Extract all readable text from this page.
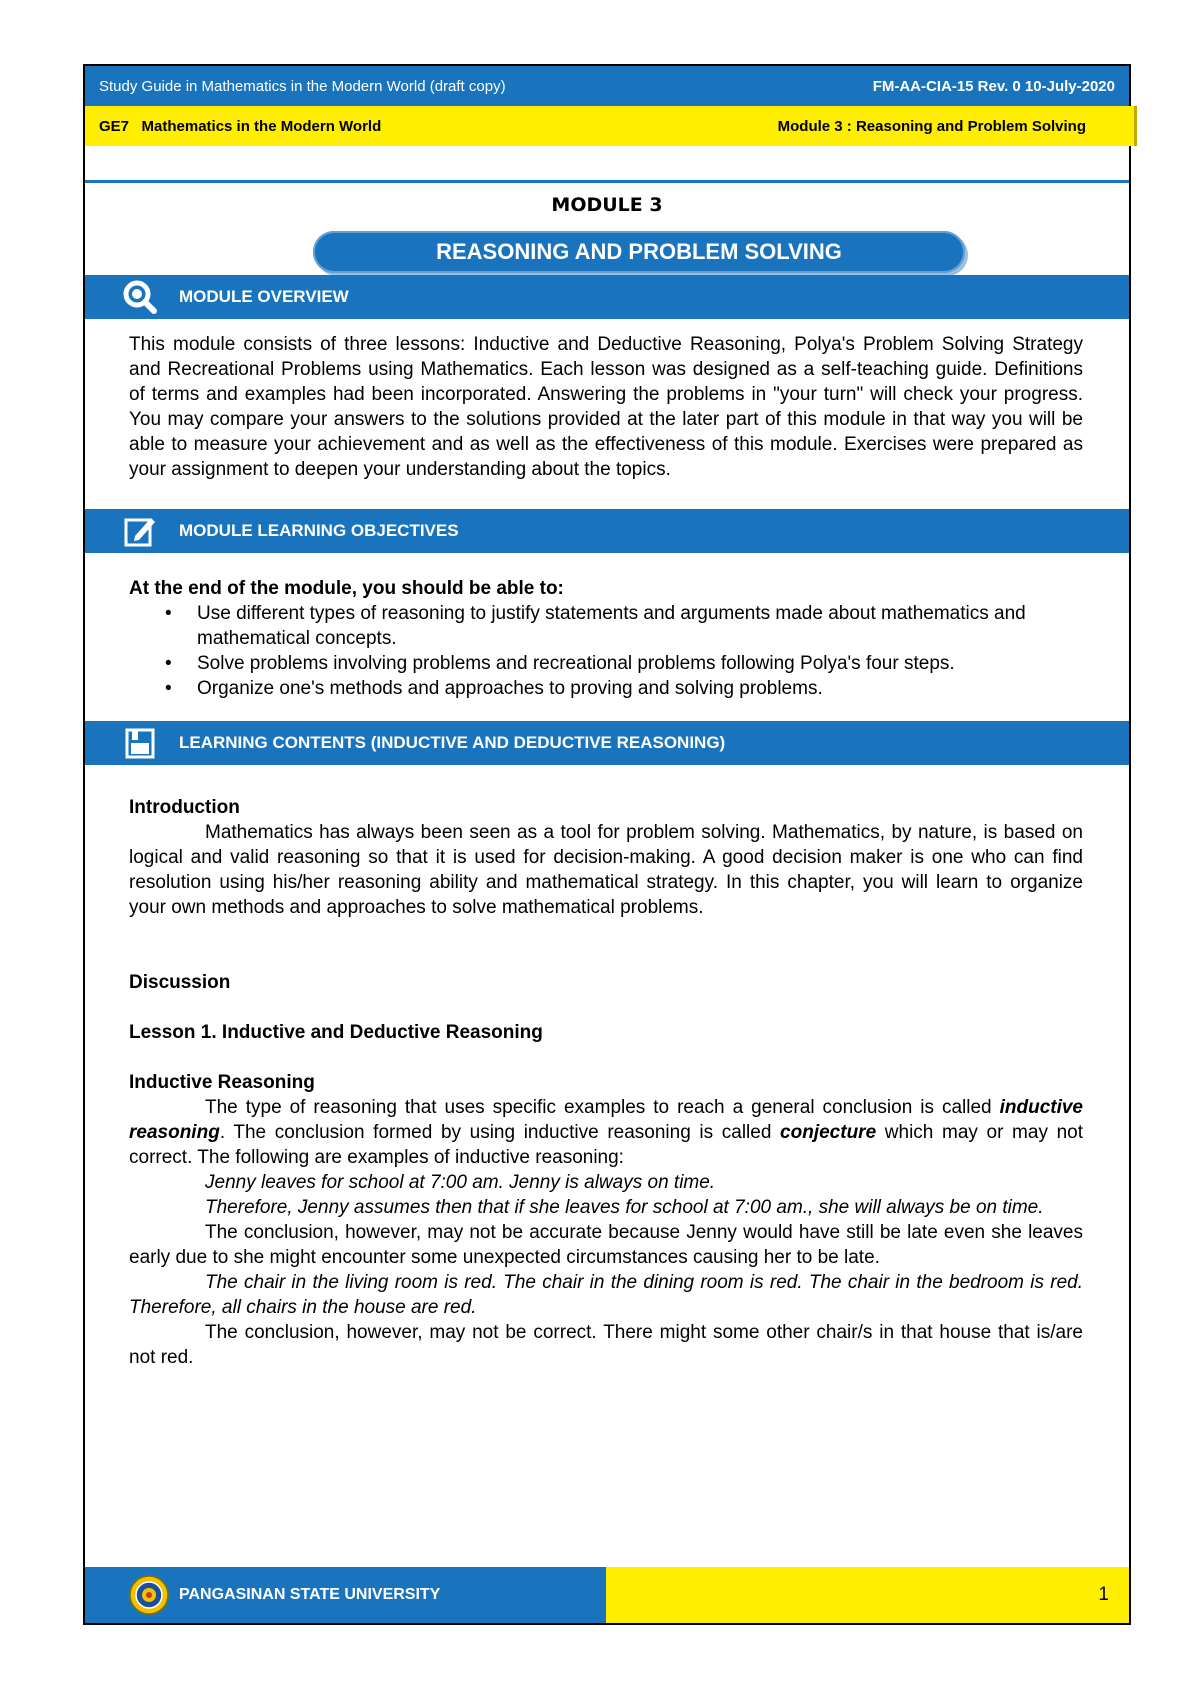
Study Guide in Mathematics in the Modern World (draft copy)	FM-AA-CIA-15 Rev. 0 10-July-2020
GE7   Mathematics in the Modern World	Module 3 : Reasoning and Problem Solving
MODULE 3
REASONING AND PROBLEM SOLVING
MODULE OVERVIEW
This module consists of three lessons: Inductive and Deductive Reasoning, Polya's Problem Solving Strategy and Recreational Problems using Mathematics. Each lesson was designed as a self-teaching guide. Definitions of terms and examples had been incorporated. Answering the problems in "your turn" will check your progress. You may compare your answers to the solutions provided at the later part of this module in that way you will be able to measure your achievement and as well as the effectiveness of this module. Exercises were prepared as your assignment to deepen your understanding about the topics.
MODULE LEARNING OBJECTIVES
At the end of the module, you should be able to:
• Use different types of reasoning to justify statements and arguments made about mathematics and mathematical concepts.
• Solve problems involving problems and recreational problems following Polya's four steps.
• Organize one's methods and approaches to proving and solving problems.
LEARNING CONTENTS (INDUCTIVE AND DEDUCTIVE REASONING)
Introduction
Mathematics has always been seen as a tool for problem solving. Mathematics, by nature, is based on logical and valid reasoning so that it is used for decision-making. A good decision maker is one who can find resolution using his/her reasoning ability and mathematical strategy. In this chapter, you will learn to organize your own methods and approaches to solve mathematical problems.
Discussion
Lesson 1. Inductive and Deductive Reasoning
Inductive Reasoning
The type of reasoning that uses specific examples to reach a general conclusion is called inductive reasoning. The conclusion formed by using inductive reasoning is called conjecture which may or may not correct. The following are examples of inductive reasoning:
Jenny leaves for school at 7:00 am. Jenny is always on time.
Therefore, Jenny assumes then that if she leaves for school at 7:00 am., she will always be on time.
The conclusion, however, may not be accurate because Jenny would have still be late even she leaves early due to she might encounter some unexpected circumstances causing her to be late.
The chair in the living room is red. The chair in the dining room is red. The chair in the bedroom is red. Therefore, all chairs in the house are red.
The conclusion, however, may not be correct. There might some other chair/s in that house that is/are not red.
PANGASINAN STATE UNIVERSITY	1
